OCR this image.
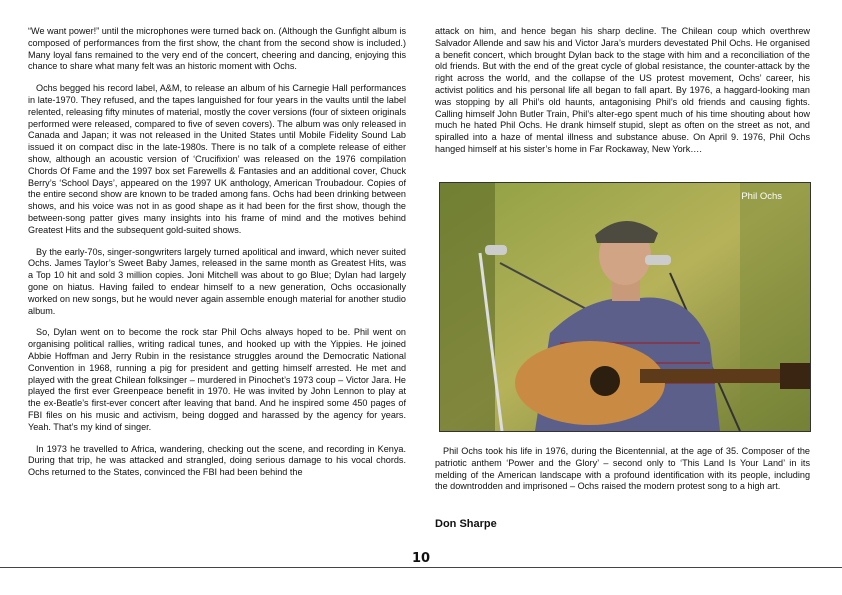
“We want power!” until the microphones were turned back on. (Although the Gunfight album is composed of performances from the first show, the chant from the second show is included.) Many loyal fans remained to the very end of the concert, cheering and dancing, enjoying this chance to share what many felt was an historic moment with Ochs.

Ochs begged his record label, A&M, to release an album of his Carnegie Hall performances in late-1970. They refused, and the tapes languished for four years in the vaults until the label relented, releasing fifty minutes of material, mostly the cover versions (four of sixteen originals performed were released, compared to five of seven covers). The album was only released in Canada and Japan; it was not released in the United States until Mobile Fidelity Sound Lab issued it on compact disc in the late-1980s. There is no talk of a complete release of either show, although an acoustic version of ‘Crucifixion’ was released on the 1976 compilation Chords Of Fame and the 1997 box set Farewells & Fantasies and an additional cover, Chuck Berry’s ‘School Days’, appeared on the 1997 UK anthology, American Troubadour. Copies of the entire second show are known to be traded among fans. Ochs had been drinking between shows, and his voice was not in as good shape as it had been for the first show, though the between-song patter gives many insights into his frame of mind and the motives behind Greatest Hits and the subsequent gold-suited shows.

By the early-70s, singer-songwriters largely turned apolitical and inward, which never suited Ochs. James Taylor’s Sweet Baby James, released in the same month as Greatest Hits, was a Top 10 hit and sold 3 million copies. Joni Mitchell was about to go Blue; Dylan had largely gone on hiatus. Having failed to endear himself to a new generation, Ochs occasionally worked on new songs, but he would never again assemble enough material for another studio album.

So, Dylan went on to become the rock star Phil Ochs always hoped to be. Phil went on organising political rallies, writing radical tunes, and hooked up with the Yippies. He joined Abbie Hoffman and Jerry Rubin in the resistance struggles around the Democratic National Convention in 1968, running a pig for president and getting himself arrested. He met and played with the great Chilean folksinger – murdered in Pinochet’s 1973 coup – Victor Jara. He played the first ever Greenpeace benefit in 1970. He was invited by John Lennon to play at the ex-Beatle’s first-ever concert after leaving that band. And he inspired some 450 pages of FBI files on his music and activism, being dogged and harassed by the agency for years. Yeah. That’s my kind of singer.

In 1973 he travelled to Africa, wandering, checking out the scene, and recording in Kenya. During that trip, he was attacked and strangled, doing serious damage to his vocal chords. Ochs returned to the States, convinced the FBI had been behind the

attack on him, and hence began his sharp decline. The Chilean coup which overthrew Salvador Allende and saw his and Victor Jara’s murders devestated Phil Ochs. He organised a benefit concert, which brought Dylan back to the stage with him and a reconciliation of the old friends. But with the end of the great cycle of global resistance, the counter-attack by the right across the world, and the collapse of the US protest movement, Ochs’ career, his activist politics and his personal life all began to fall apart. By 1976, a haggard-looking man was stopping by all Phil’s old haunts, antagonising Phil’s old friends and causing fights. Calling himself John Butler Train, Phil’s alter-ego spent much of his time shouting about how much he hated Phil Ochs. He drank himself stupid, slept as often on the street as not, and spiralled into a haze of mental illness and substance abuse. On April 9. 1976, Phil Ochs hanged himself at his sister’s home in Far Rockaway, New York….

Phil Ochs

Phil Ochs took his life in 1976, during the Bicentennial, at the age of 35. Composer of the patriotic anthem ‘Power and the Glory’ – second only to ‘This Land Is Your Land’ in its melding of the American landscape with a profound identification with its people, including the downtrodden and imprisoned – Ochs raised the modern protest song to a high art.

Don Sharpe
10
